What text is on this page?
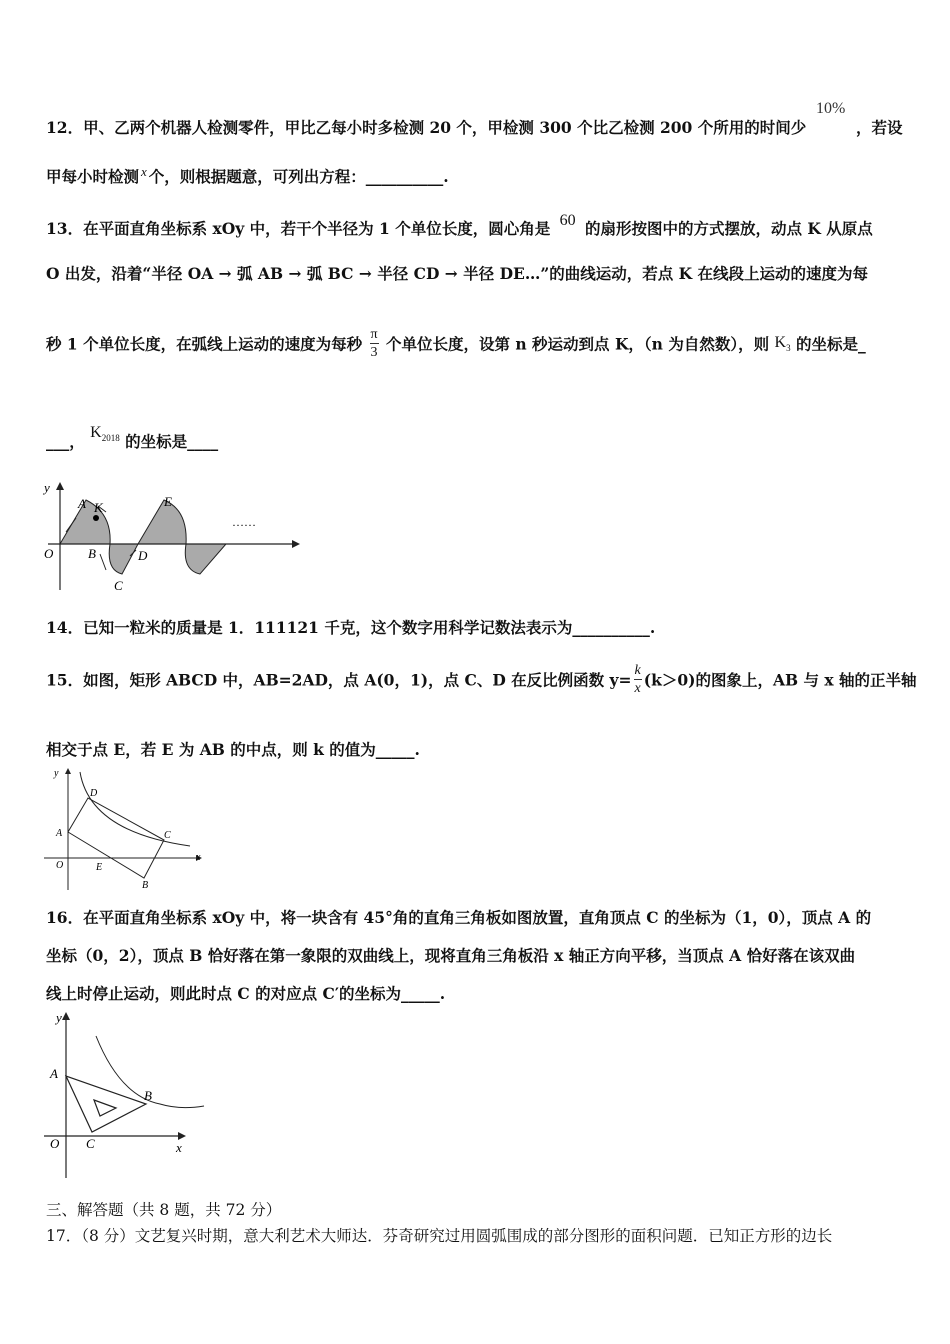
12．甲、乙两个机器人检测零件，甲比乙每小时多检测 20 个，甲检测 300 个比乙检测 200 个所用的时间少
10%
，若设
甲每小时检测 $^x$ 个，则根据题意，可列出方程：__________.
13．在平面直角坐标系 xOy 中，若干个半径为 1 个单位长度，圆心角是 60 的扇形按图中的方式摆放，动点 K 从原点
O 出发，沿着“半径 OA → 弧 AB → 弧 BC → 半径 CD → 半径 DE…”的曲线运动，若点 K 在线段上运动的速度为每
秒 1 个单位长度，在弧线上运动的速度为每秒 $\frac{\pi}{3}$ 个单位长度，设第 n 秒运动到点 K，（n 为自然数），则 $K_3$ 的坐标是_
___， $K_{2018}$ 的坐标是____
y
O
A K
B
C
D
E
……
14．已知一粒米的质量是 1．111121 千克，这个数字用科学记数法表示为__________.
15．如图，矩形 ABCD 中，AB=2AD，点 A(0，1)，点 C、D 在反比例函数 $y= \frac{k}{x} (k>0)$的图象上，AB 与 x 轴的正半轴
相交于点 E，若 E 为 AB 的中点，则 k 的值为_____.
y
x
O
A
D
C
E
B
16．在平面直角坐标系 xOy 中，将一块含有 45°角的直角三角板如图放置，直角顶点 C 的坐标为（1，0），顶点 A 的
坐标（0，2），顶点 B 恰好落在第一象限的双曲线上，现将直角三角板沿 x 轴正方向平移，当顶点 A 恰好落在该双曲
线上时停止运动，则此时点 C 的对应点 C′的坐标为_____.
y
x
O
A
C
B
三、解答题（共 8 题，共 72 分）
17．（8 分）文艺复兴时期，意大利艺术大师达．芬奇研究过用圆弧围成的部分图形的面积问题．已知正方形的边长
